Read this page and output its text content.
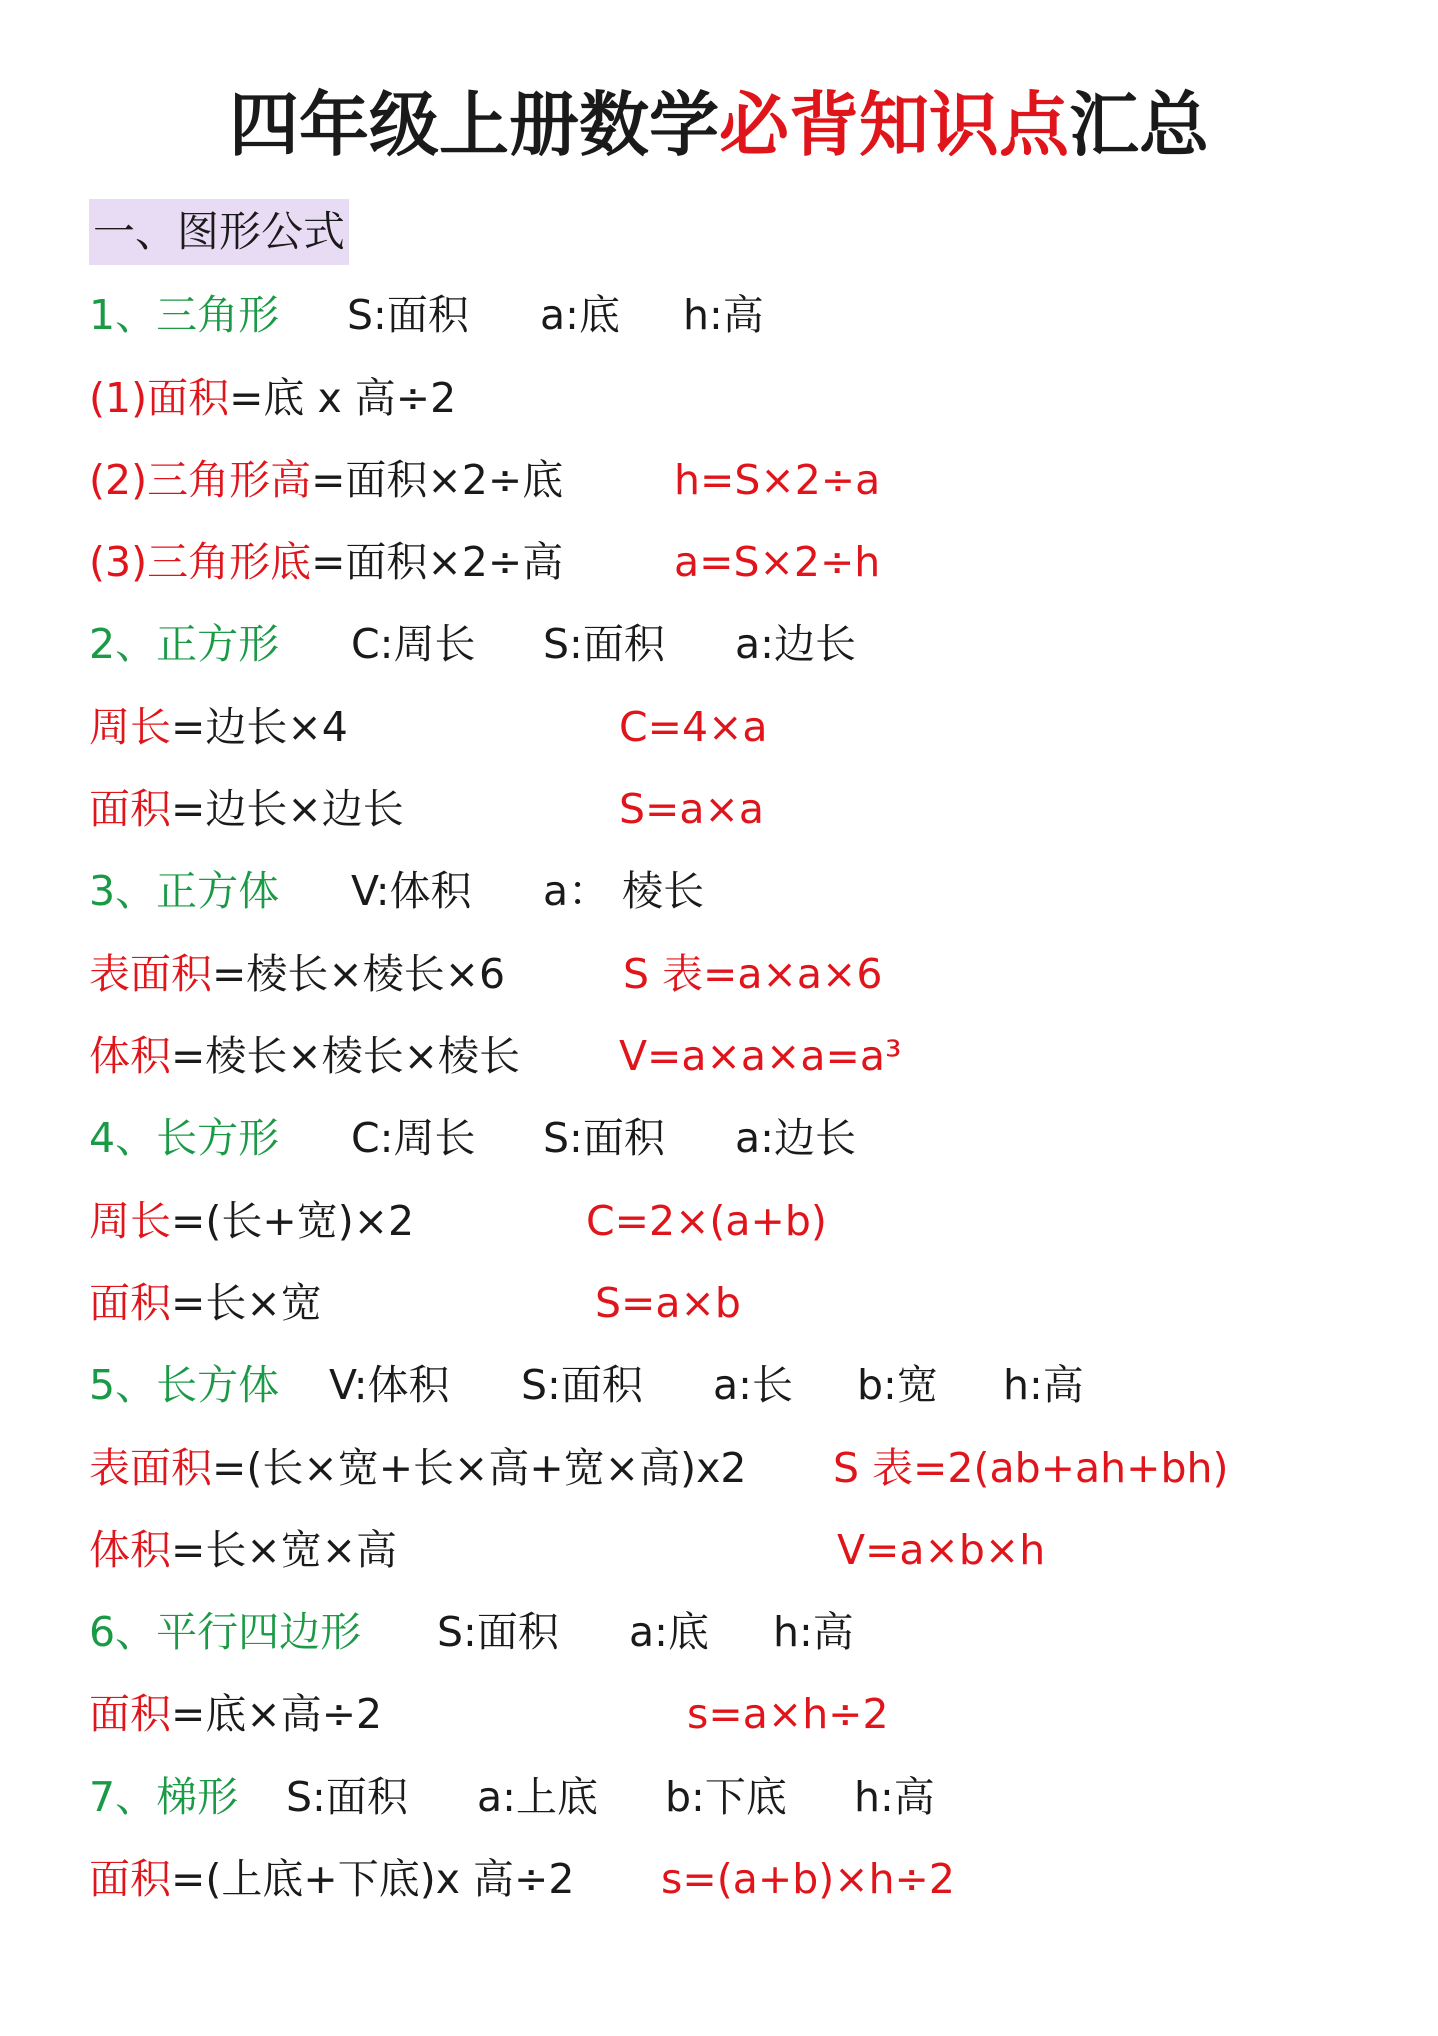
四年级上册数学必背知识点汇总
一、图形公式
1、三角形 S:面积 a:底 h:高
(1)面积=底 x 高÷2
(2)三角形高=面积×2÷底	h=S×2÷a
(3)三角形底=面积×2÷高	a=S×2÷h
2、正方形 C:周长 S:面积 a:边长
周长=边长×4	C=4×a
面积=边长×边长	S=a×a
3、正方体 V:体积 a： 棱长
表面积=棱长×棱长×6	S 表=a×a×6
体积=棱长×棱长×棱长 V=a×a×a=a³
4、长方形 C:周长 S:面积 a:边长
周长=(长+宽)×2	C=2×(a+b)
面积=长×宽	S=a×b
5、长方体 V:体积 S:面积 a:长 b:宽 h:高
表面积=(长×宽+长×高+宽×高)x2 S 表=2(ab+ah+bh)
体积=长×宽×高	V=a×b×h
6、平行四边形 S:面积 a:底 h:高
面积=底×高÷2	s=a×h÷2
7、梯形 S:面积 a:上底 b:下底 h:高
面积=(上底+下底)x 高÷2 s=(a+b)×h÷2
